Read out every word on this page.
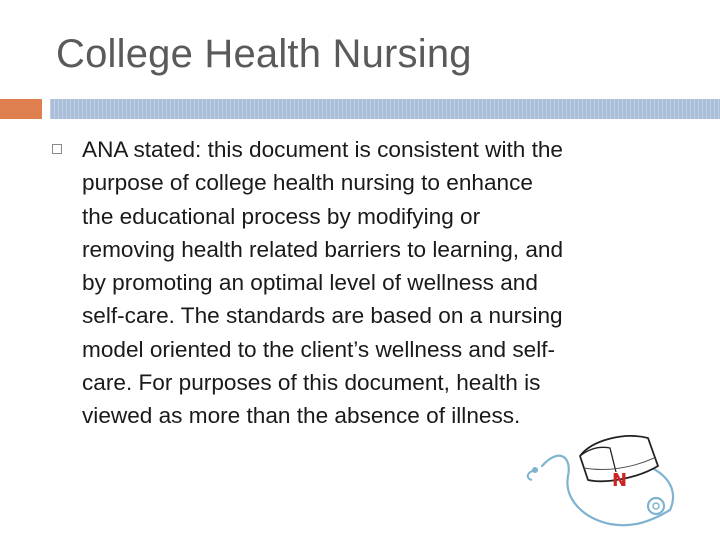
College Health Nursing
ANA stated: this document is consistent with the
purpose of college health nursing to enhance
the educational process by modifying or
removing health related barriers to learning, and
by promoting an optimal level of wellness and
self-care. The standards are based on a nursing
model oriented to the client’s wellness and self-
care. For purposes of this document, health is
viewed as more than the absence of illness.
N
